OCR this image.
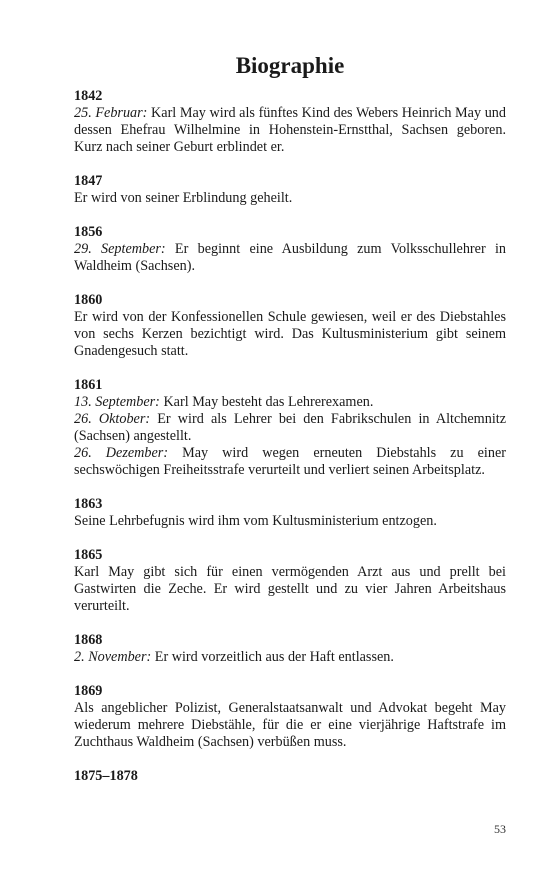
Biographie
1842

25. Februar: Karl May wird als fünftes Kind des Webers Heinrich May und dessen Ehefrau Wilhelmine in Hohenstein-Ernstthal, Sachsen geboren. Kurz nach seiner Geburt erblindet er.

1847

Er wird von seiner Erblindung geheilt.

1856

29. September: Er beginnt eine Ausbildung zum Volksschullehrer in Waldheim (Sachsen).

1860

Er wird von der Konfessionellen Schule gewiesen, weil er des Diebstahles von sechs Kerzen bezichtigt wird. Das Kultusministerium gibt seinem Gnadengesuch statt.

1861

13. September: Karl May besteht das Lehrerexamen.

26. Oktober: Er wird als Lehrer bei den Fabrikschulen in Altchemnitz (Sachsen) angestellt.

26. Dezember: May wird wegen erneuten Diebstahls zu einer sechswöchigen Freiheitsstrafe verurteilt und verliert seinen Arbeitsplatz.

1863

Seine Lehrbefugnis wird ihm vom Kultusministerium entzogen.

1865

Karl May gibt sich für einen vermögenden Arzt aus und prellt bei Gastwirten die Zeche. Er wird gestellt und zu vier Jahren Arbeitshaus verurteilt.

1868

2. November: Er wird vorzeitlich aus der Haft entlassen.

1869

Als angeblicher Polizist, Generalstaatsanwalt und Advokat begeht May wiederum mehrere Diebstähle, für die er eine vierjährige Haftstrafe im Zuchthaus Waldheim (Sachsen) verbüßen muss.

1875–1878
53
